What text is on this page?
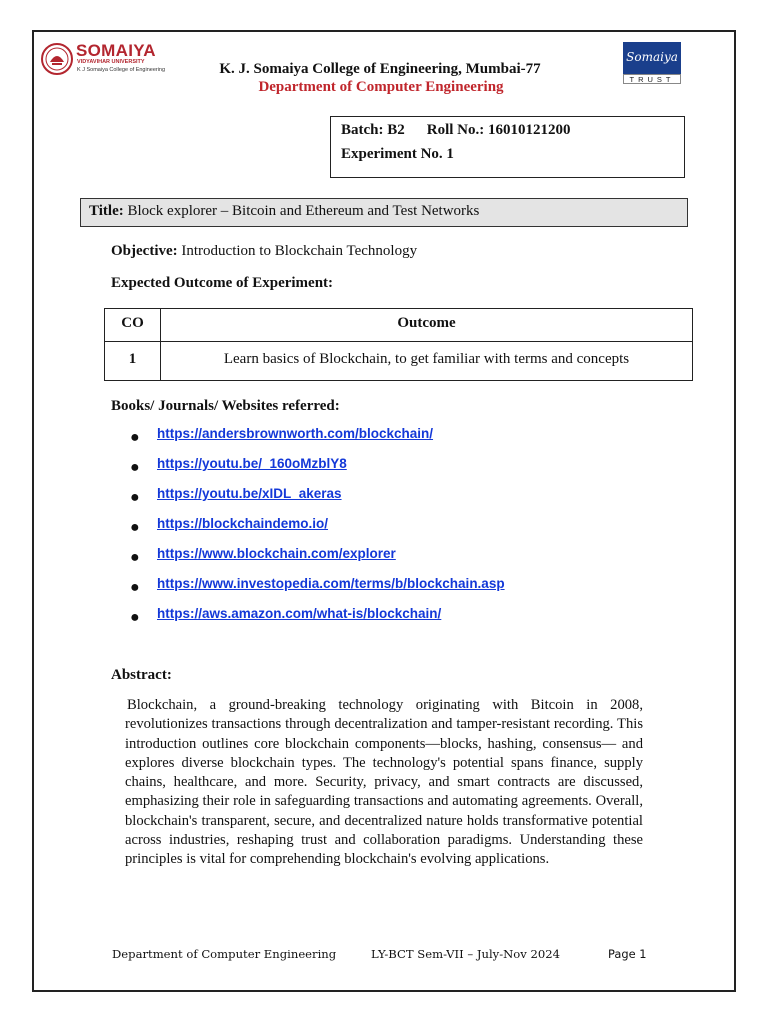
SOMAIYA
VIDYAVIHAR UNIVERSITY
K J Somaiya College of Engineering	K. J. Somaiya College of Engineering, Mumbai-77
Department of Computer Engineering
Somaiya
TRUST
Batch: B2 Roll No.: 16010121200
Experiment No. 1
Title: Block explorer – Bitcoin and Ethereum and Test Networks
Objective: Introduction to Blockchain Technology
Expected Outcome of Experiment:
CO	Outcome
1	Learn basics of Blockchain, to get familiar with terms and concepts
Books/ Journals/ Websites referred:
● https://andersbrownworth.com/blockchain/
● https://youtu.be/_160oMzblY8
● https://youtu.be/xIDL_akeras
● https://blockchaindemo.io/
● https://www.blockchain.com/explorer
● https://www.investopedia.com/terms/b/blockchain.asp
● https://aws.amazon.com/what-is/blockchain/
Abstract:
Blockchain, a ground-breaking technology originating with Bitcoin in 2008, revolutionizes transactions through decentralization and tamper-resistant recording. This introduction outlines core blockchain components—blocks, hashing, consensus— and explores diverse blockchain types. The technology's potential spans finance, supply chains, healthcare, and more. Security, privacy, and smart contracts are discussed, emphasizing their role in safeguarding transactions and automating agreements. Overall, blockchain's transparent, secure, and decentralized nature holds transformative potential across industries, reshaping trust and collaboration paradigms. Understanding these principles is vital for comprehending blockchain's evolving applications.
Department of Computer Engineering	LY-BCT Sem-VII – July-Nov 2024	Page 1
